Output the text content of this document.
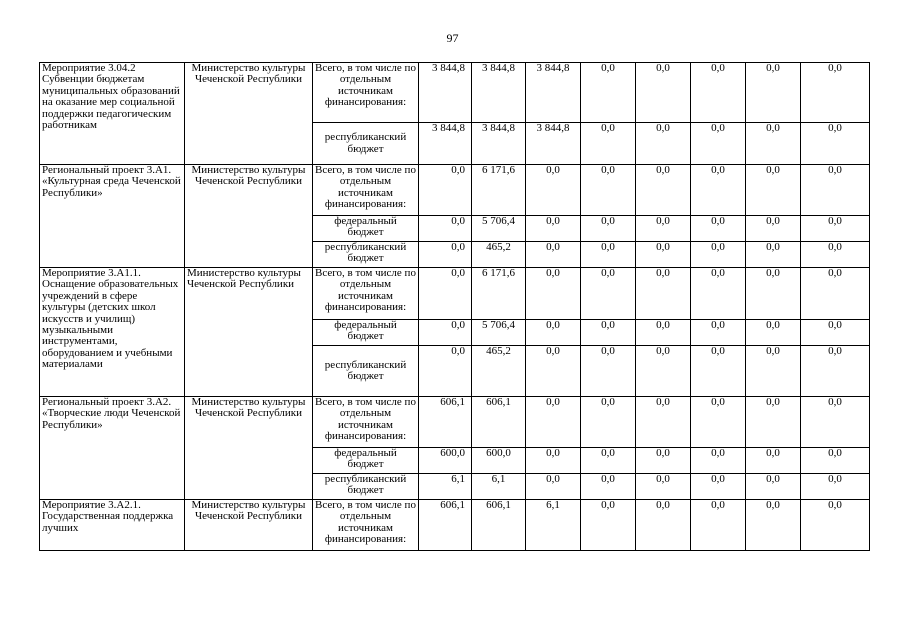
97
Мероприятие 3.04.2 Субвенции бюджетам муниципальных образований на оказание мер социальной поддержки педагогическим работникам	Министерство культуры Чеченской Республики	Всего, в том числе по отдельным источникам финансирования:	3 844,8	3 844,8	3 844,8	0,0	0,0	0,0	0,0	0,0
		республиканский бюджет	3 844,8	3 844,8	3 844,8	0,0	0,0	0,0	0,0	0,0
Региональный проект 3.А1. «Культурная среда Чеченской Республики»	Министерство культуры Чеченской Республики	Всего, в том числе по отдельным источникам финансирования:	0,0	6 171,6	0,0	0,0	0,0	0,0	0,0	0,0
		федеральный бюджет	0,0	5 706,4	0,0	0,0	0,0	0,0	0,0	0,0
		республиканский бюджет	0,0	465,2	0,0	0,0	0,0	0,0	0,0	0,0
Мероприятие 3.А1.1. Оснащение образовательных учреждений в сфере культуры (детских школ искусств и училищ) музыкальными инструментами, оборудованием и учебными материалами	Министерство культуры Чеченской Республики	Всего, в том числе по отдельным источникам финансирования:	0,0	6 171,6	0,0	0,0	0,0	0,0	0,0	0,0
		федеральный бюджет	0,0	5 706,4	0,0	0,0	0,0	0,0	0,0	0,0
		республиканский бюджет	0,0	465,2	0,0	0,0	0,0	0,0	0,0	0,0
Региональный проект 3.А2. «Творческие люди Чеченской Республики»	Министерство культуры Чеченской Республики	Всего, в том числе по отдельным источникам финансирования:	606,1	606,1	0,0	0,0	0,0	0,0	0,0	0,0
		федеральный бюджет	600,0	600,0	0,0	0,0	0,0	0,0	0,0	0,0
		республиканский бюджет	6,1	6,1	0,0	0,0	0,0	0,0	0,0	0,0
Мероприятие 3.А2.1. Государственная поддержка лучших	Министерство культуры Чеченской Республики	Всего, в том числе по отдельным источникам финансирования:	606,1	606,1	6,1	0,0	0,0	0,0	0,0	0,0
